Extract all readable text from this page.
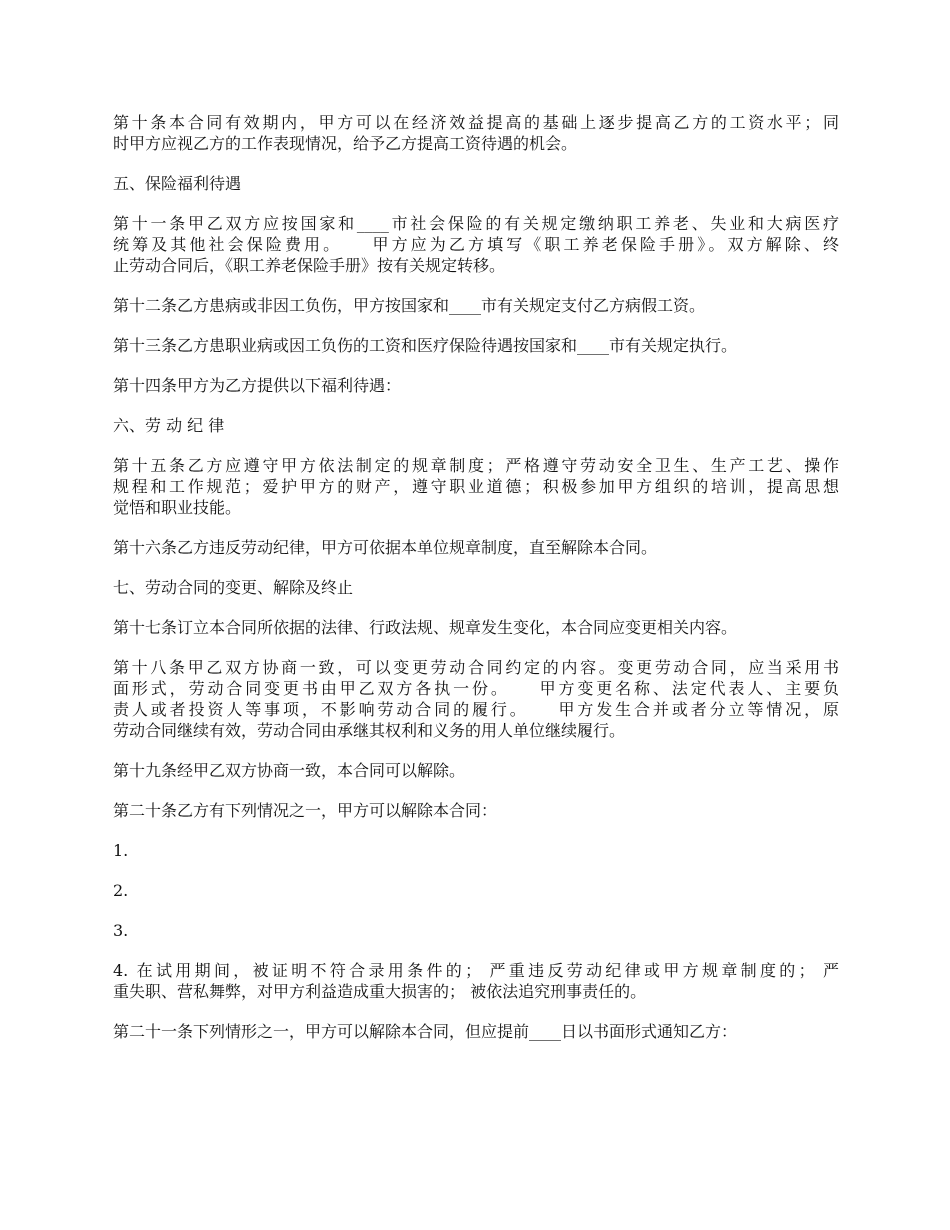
第十条本合同有效期内，甲方可以在经济效益提高的基础上逐步提高乙方的工资水平；同
时甲方应视乙方的工作表现情况，给予乙方提高工资待遇的机会。

五、保险福利待遇

第十一条甲乙双方应按国家和____市社会保险的有关规定缴纳职工养老、失业和大病医疗
统筹及其他社会保险费用。　　甲方应为乙方填写《职工养老保险手册》。双方解除、终
止劳动合同后，《职工养老保险手册》按有关规定转移。

第十二条乙方患病或非因工负伤，甲方按国家和____市有关规定支付乙方病假工资。

第十三条乙方患职业病或因工负伤的工资和医疗保险待遇按国家和____市有关规定执行。

第十四条甲方为乙方提供以下福利待遇：

六、劳 动 纪 律

第十五条乙方应遵守甲方依法制定的规章制度；严格遵守劳动安全卫生、生产工艺、操作
规程和工作规范；爱护甲方的财产，遵守职业道德；积极参加甲方组织的培训，提高思想
觉悟和职业技能。

第十六条乙方违反劳动纪律，甲方可依据本单位规章制度，直至解除本合同。

七、劳动合同的变更、解除及终止

第十七条订立本合同所依据的法律、行政法规、规章发生变化，本合同应变更相关内容。

第十八条甲乙双方协商一致，可以变更劳动合同约定的内容。变更劳动合同，应当采用书
面形式，劳动合同变更书由甲乙双方各执一份。　　甲方变更名称、法定代表人、主要负
责人或者投资人等事项，不影响劳动合同的履行。　　甲方发生合并或者分立等情况，原
劳动合同继续有效，劳动合同由承继其权利和义务的用人单位继续履行。

第十九条经甲乙双方协商一致，本合同可以解除。

第二十条乙方有下列情况之一，甲方可以解除本合同：

1.

2.

3.

4. 在试用期间，被证明不符合录用条件的； 严重违反劳动纪律或甲方规章制度的； 严
重失职、营私舞弊，对甲方利益造成重大损害的； 被依法追究刑事责任的。

第二十一条下列情形之一，甲方可以解除本合同，但应提前____日以书面形式通知乙方：
